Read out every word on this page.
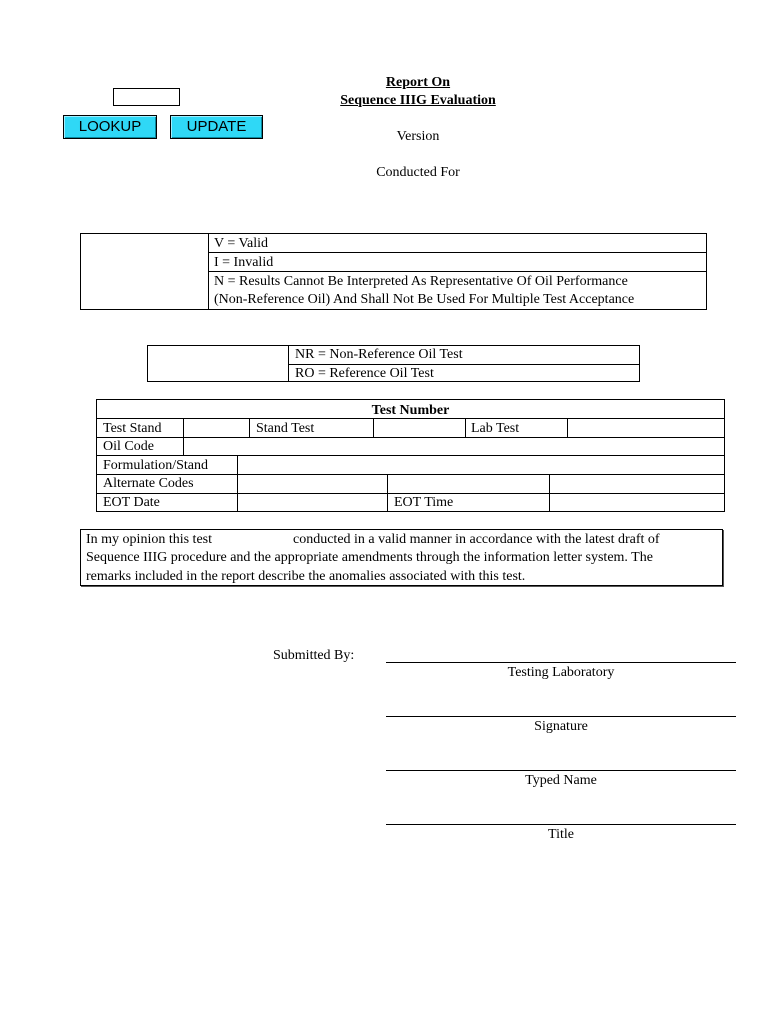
LOOKUP	UPDATE
Report On
Sequence IIIG Evaluation
Version
Conducted For
V = Valid
I = Invalid
N = Results Cannot Be Interpreted As Representative Of Oil Performance
(Non-Reference Oil) And Shall Not Be Used For Multiple Test Acceptance
NR = Non-Reference Oil Test
RO = Reference Oil Test
Test Number
Test Stand	Stand Test	Lab Test
Oil Code
Formulation/Stand
Alternate Codes
EOT Date	EOT Time
In my opinion this test	conducted in a valid manner in accordance with the latest draft of
Sequence IIIG procedure and the appropriate amendments through the information letter system. The
remarks included in the report describe the anomalies associated with this test.
Submitted By:
Testing Laboratory
Signature
Typed Name
Title
